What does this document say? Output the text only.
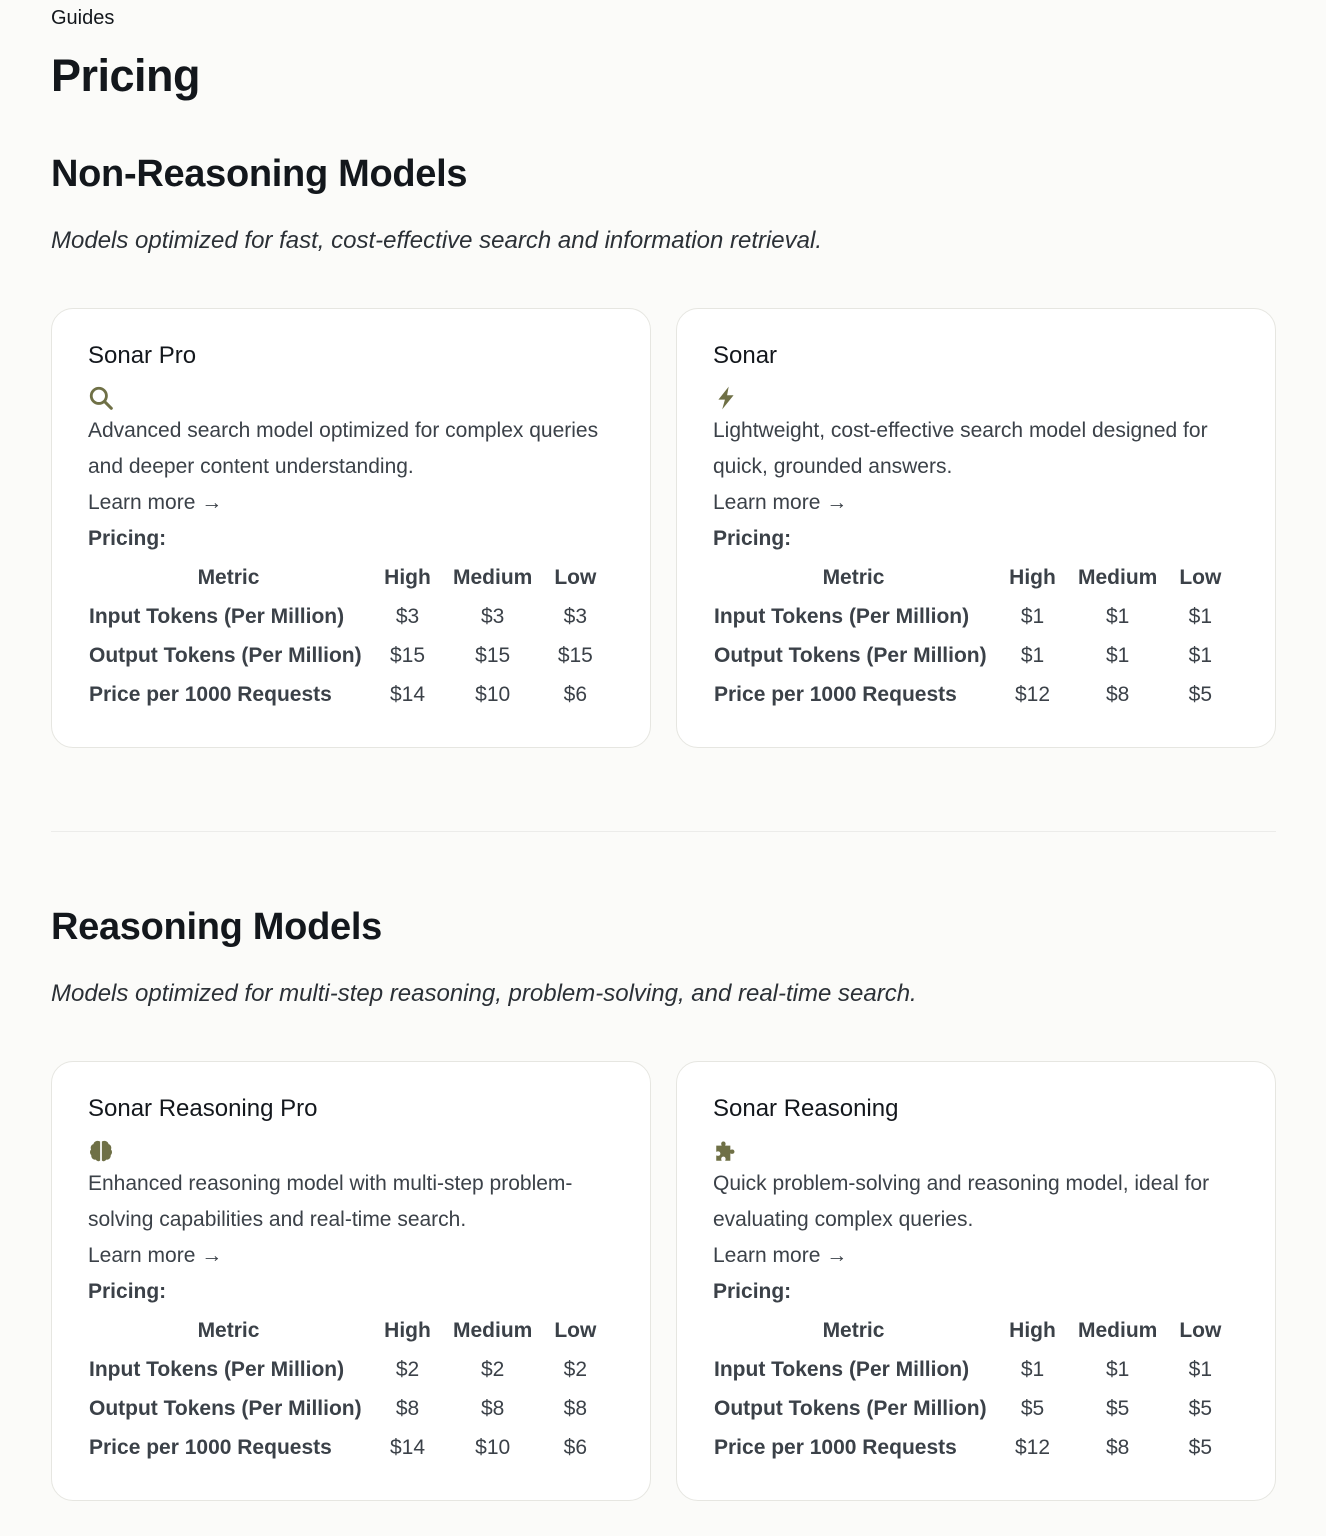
Guides
Pricing
Non-Reasoning Models

Models optimized for fast, cost-effective search and information retrieval.

Sonar Pro

Advanced search model optimized for complex queries and deeper content understanding.

Learn more →
Pricing:
Metric	High	Medium	Low
Input Tokens (Per Million)	$3	$3	$3
Output Tokens (Per Million)	$15	$15	$15
Price per 1000 Requests	$14	$10	$6
Sonar

Lightweight, cost-effective search model designed for quick, grounded answers.

Learn more →
Pricing:
Metric	High	Medium	Low
Input Tokens (Per Million)	$1	$1	$1
Output Tokens (Per Million)	$1	$1	$1
Price per 1000 Requests	$12	$8	$5
Reasoning Models

Models optimized for multi-step reasoning, problem-solving, and real-time search.

Sonar Reasoning Pro

Enhanced reasoning model with multi-step problem-solving capabilities and real-time search.

Learn more →
Pricing:
Metric	High	Medium	Low
Input Tokens (Per Million)	$2	$2	$2
Output Tokens (Per Million)	$8	$8	$8
Price per 1000 Requests	$14	$10	$6
Sonar Reasoning

Quick problem-solving and reasoning model, ideal for evaluating complex queries.

Learn more →
Pricing:
Metric	High	Medium	Low
Input Tokens (Per Million)	$1	$1	$1
Output Tokens (Per Million)	$5	$5	$5
Price per 1000 Requests	$12	$8	$5
